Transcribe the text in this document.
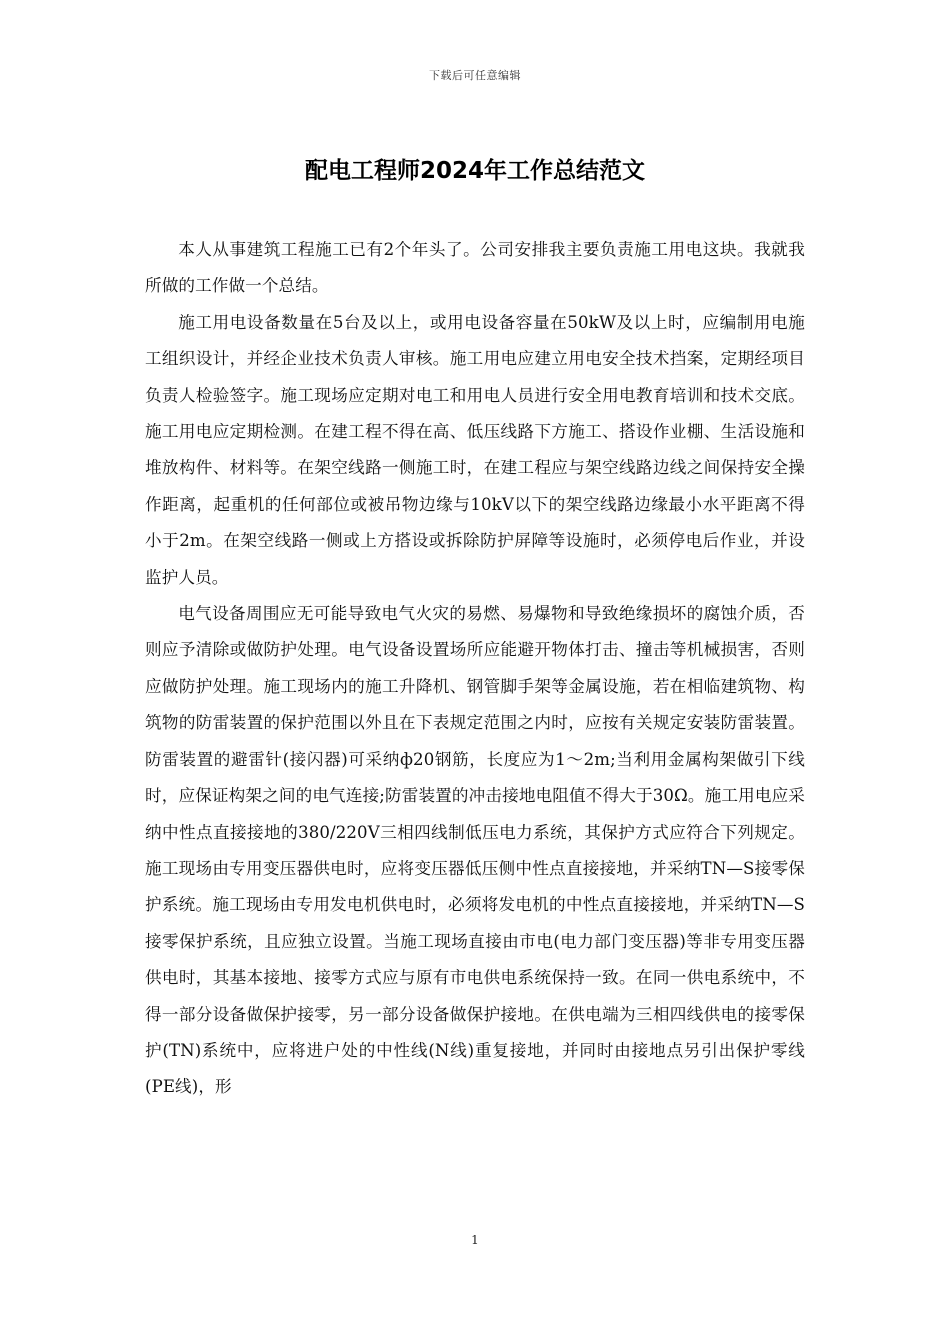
下载后可任意编辑
配电工程师2024年工作总结范文

本人从事建筑工程施工已有2个年头了。公司安排我主要负责施工用电这块。我就我所做的工作做一个总结。

施工用电设备数量在5台及以上，或用电设备容量在50kW及以上时，应编制用电施工组织设计，并经企业技术负责人审核。施工用电应建立用电安全技术挡案，定期经项目负责人检验签字。施工现场应定期对电工和用电人员进行安全用电教育培训和技术交底。施工用电应定期检测。在建工程不得在高、低压线路下方施工、搭设作业棚、生活设施和堆放构件、材料等。在架空线路一侧施工时，在建工程应与架空线路边线之间保持安全操作距离，起重机的任何部位或被吊物边缘与10kV以下的架空线路边缘最小水平距离不得小于2m。在架空线路一侧或上方搭设或拆除防护屏障等设施时，必须停电后作业，并设监护人员。

电气设备周围应无可能导致电气火灾的易燃、易爆物和导致绝缘损坏的腐蚀介质，否则应予清除或做防护处理。电气设备设置场所应能避开物体打击、撞击等机械损害，否则应做防护处理。施工现场内的施工升降机、钢管脚手架等金属设施，若在相临建筑物、构筑物的防雷装置的保护范围以外且在下表规定范围之内时，应按有关规定安装防雷装置。防雷装置的避雷针(接闪器)可采纳ф20钢筋，长度应为1～2m;当利用金属构架做引下线时，应保证构架之间的电气连接;防雷装置的冲击接地电阻值不得大于30Ω。施工用电应采纳中性点直接接地的380/220V三相四线制低压电力系统，其保护方式应符合下列规定。施工现场由专用变压器供电时，应将变压器低压侧中性点直接接地，并采纳TN—S接零保护系统。施工现场由专用发电机供电时，必须将发电机的中性点直接接地，并采纳TN—S接零保护系统，且应独立设置。当施工现场直接由市电(电力部门变压器)等非专用变压器供电时，其基本接地、接零方式应与原有市电供电系统保持一致。在同一供电系统中，不得一部分设备做保护接零，另一部分设备做保护接地。在供电端为三相四线供电的接零保护(TN)系统中，应将进户处的中性线(N线)重复接地，并同时由接地点另引出保护零线(PE线)，形

1
